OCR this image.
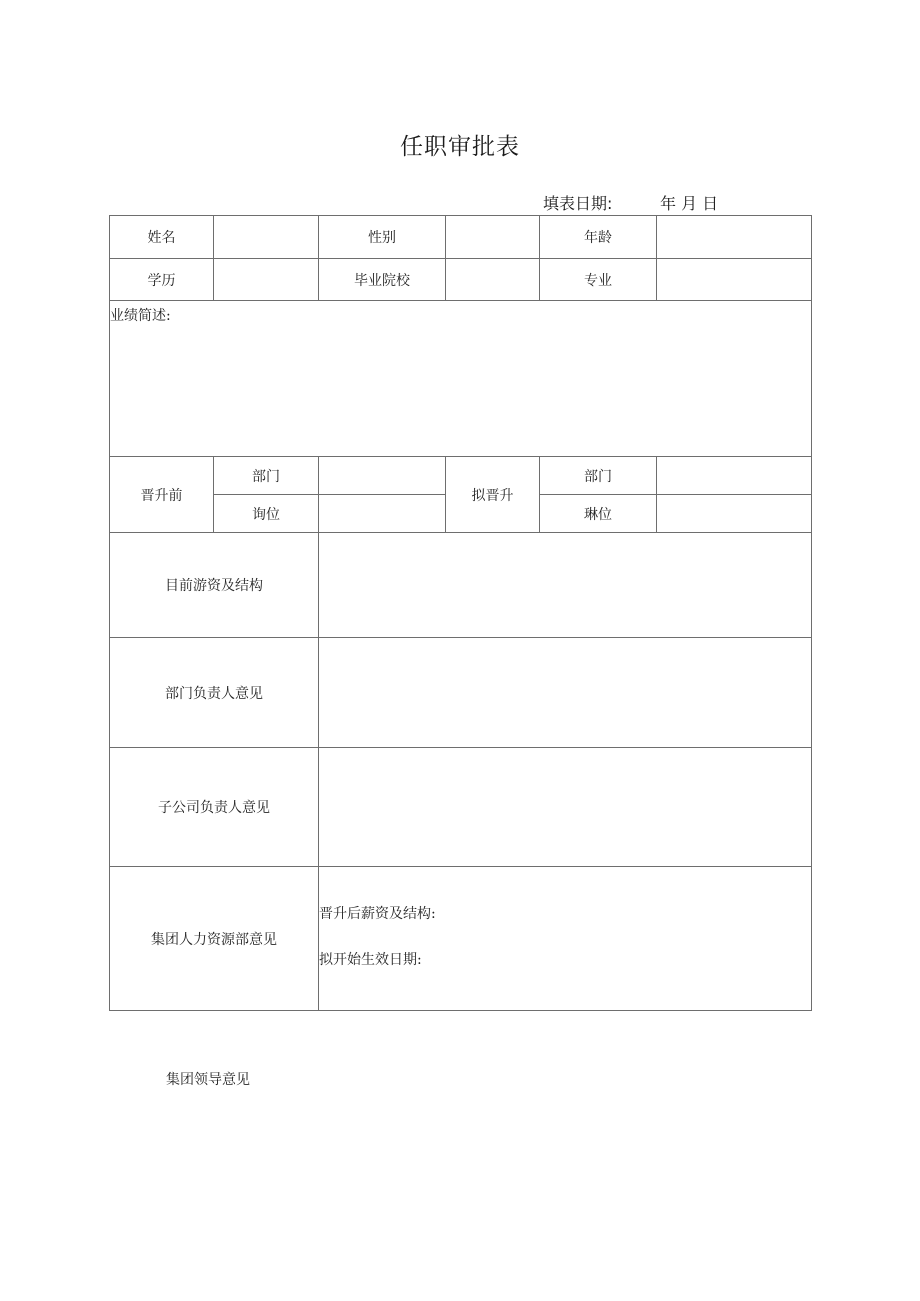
任职审批表
填表日期:	年 月 日
姓名		性别		年龄	
学历		毕业院校		专业	
业绩简述:					
晋升前	部门		拟晋升	部门	
	询位			琳位	
目前游资及结构					
部门负责人意见					
子公司负责人意见					
集团人力资源部意见		晋升后薪资及结构:
拟开始生效日期:			
集团领导意见
